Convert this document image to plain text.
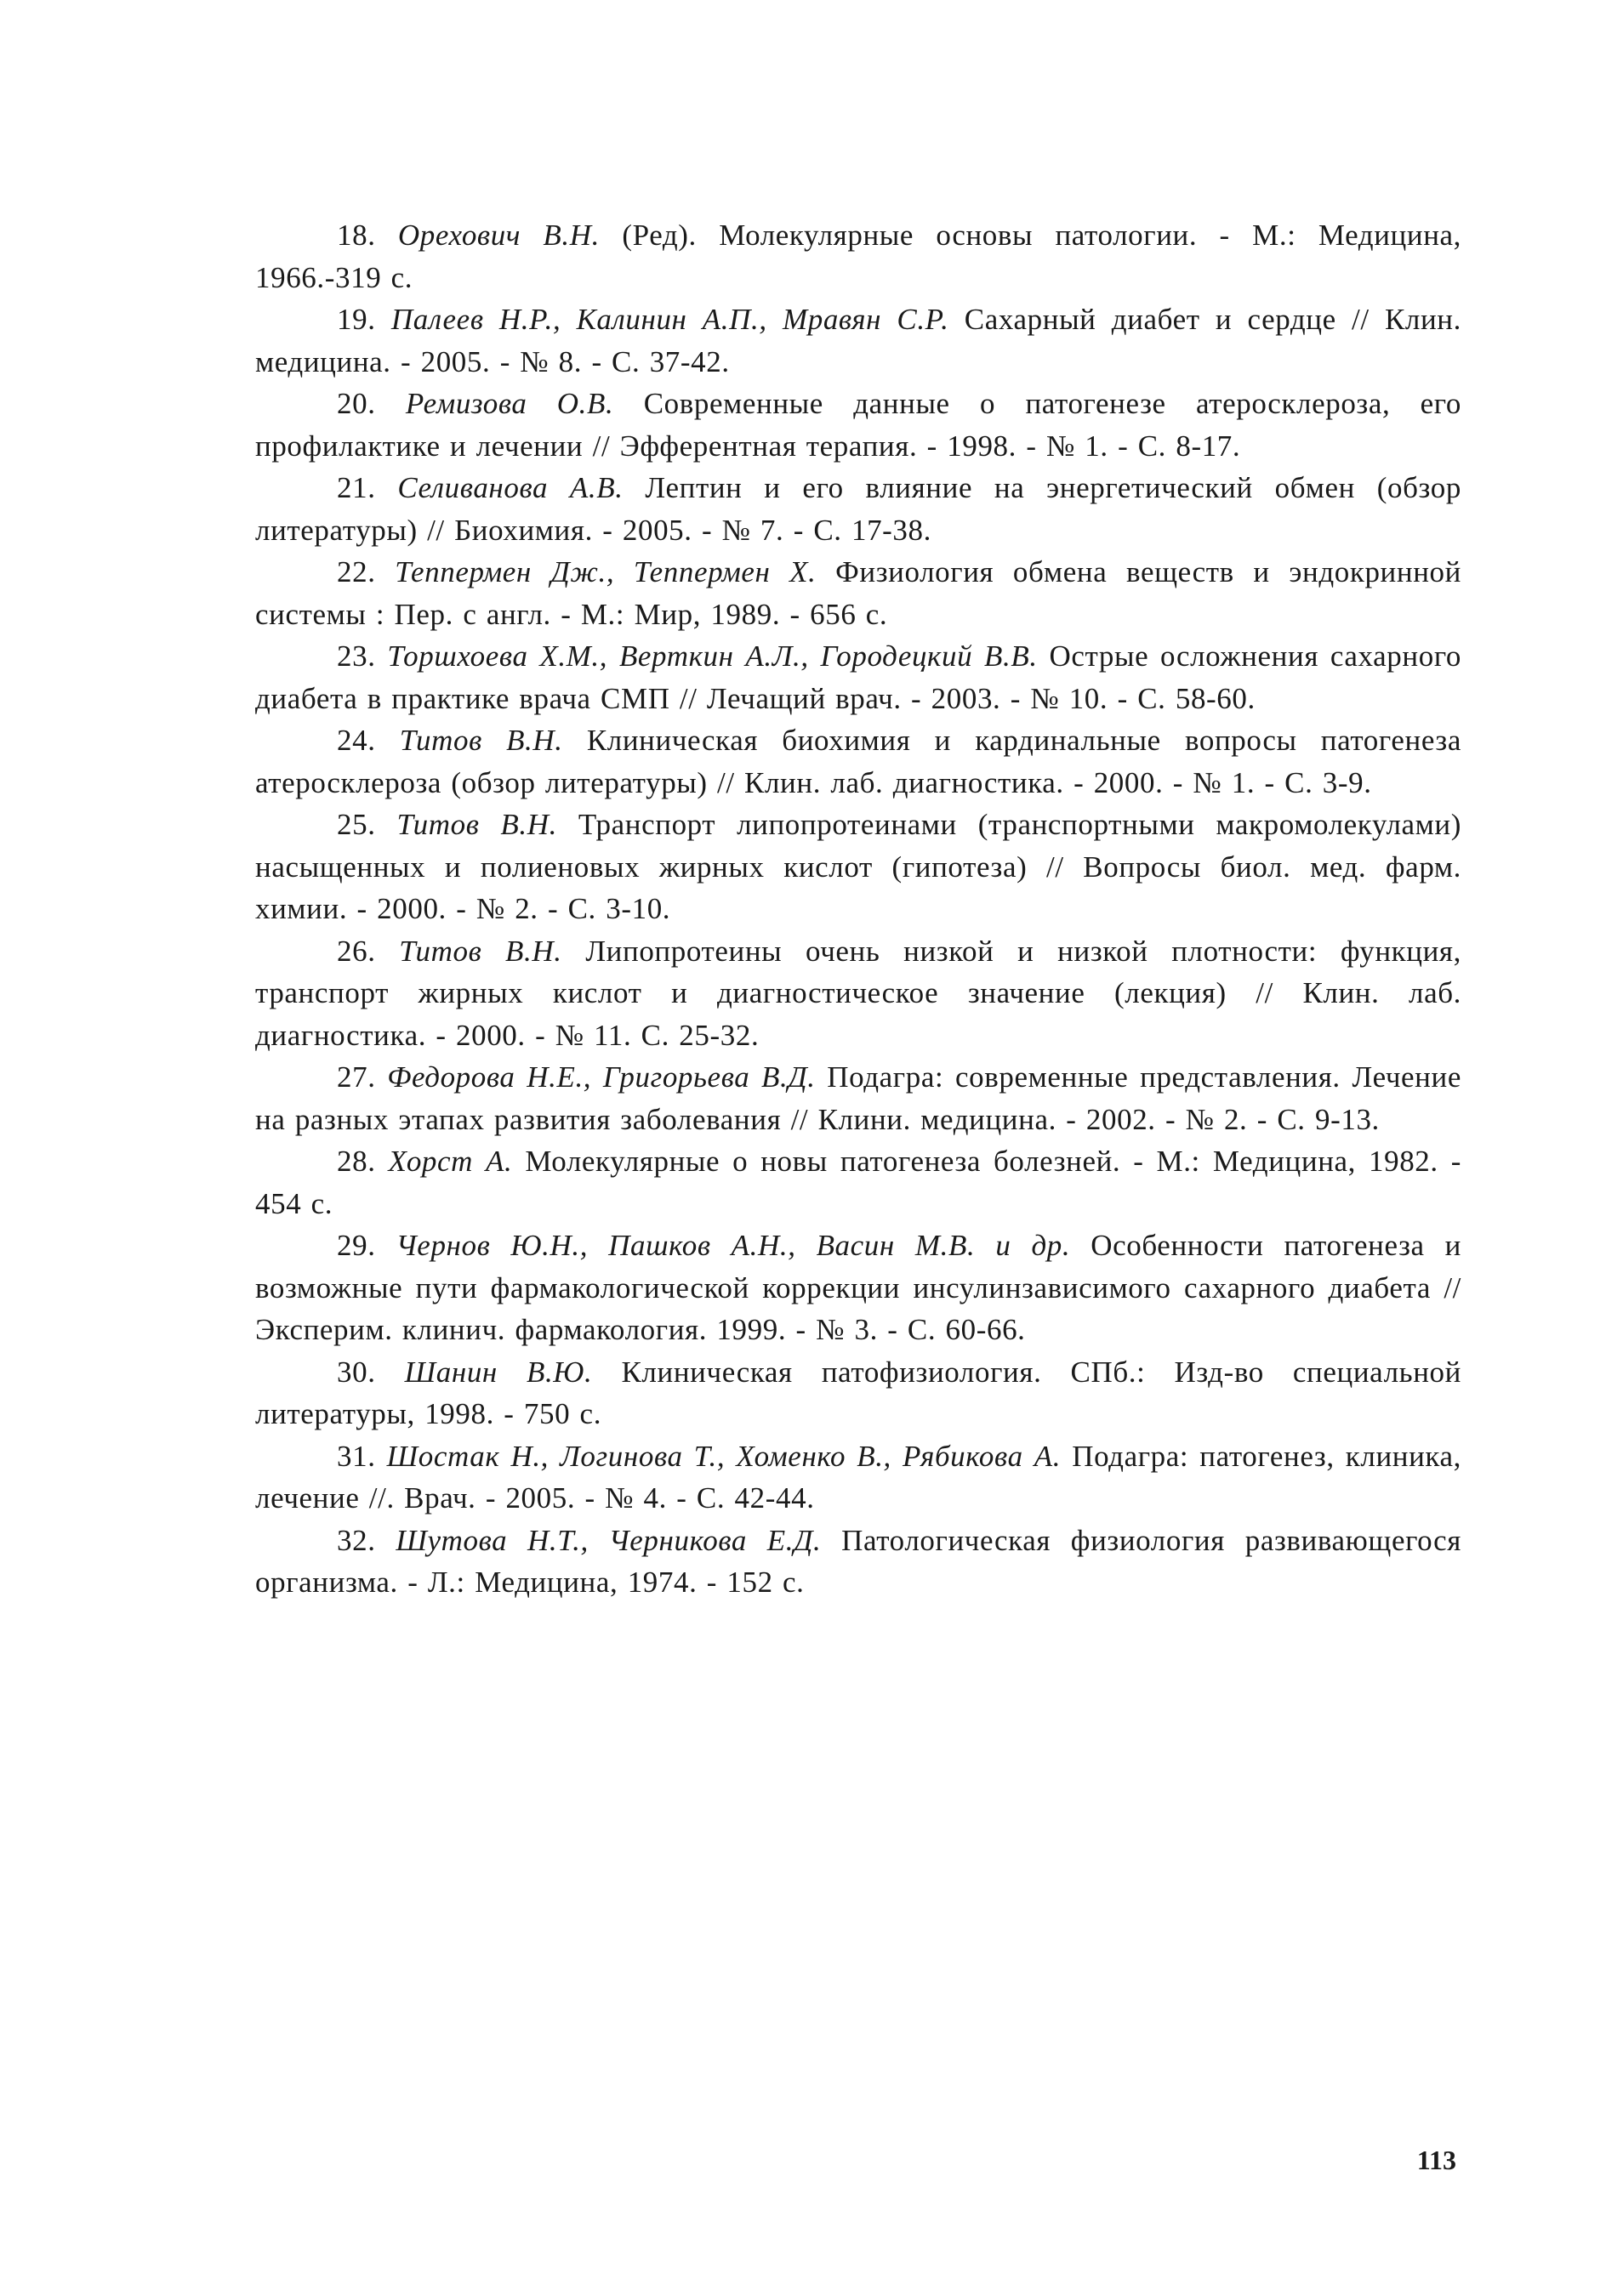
18. Орехович В.Н. (Ред). Молекулярные основы патологии. - М.: Медицина, 1966.-319 с.

19. Палеев Н.Р., Калинин А.П., Мравян С.Р. Сахарный диабет и сердце // Клин. медицина. - 2005. - № 8. - С. 37-42.

20. Ремизова О.В. Современные данные о патогенезе атеросклероза, его профилактике и лечении // Эфферентная терапия. - 1998. - № 1. - С. 8-17.

21. Селиванова А.В. Лептин и его влияние на энергетический обмен (обзор литературы) // Биохимия. - 2005. - № 7. - С. 17-38.

22. Теппермен Дж., Теппермен Х. Физиология обмена веществ и эндокринной системы : Пер. с англ. - М.: Мир, 1989. - 656 с.

23. Торшхоева Х.М., Верткин А.Л., Городецкий В.В. Острые осложнения сахарного диабета в практике врача СМП // Лечащий врач. - 2003. - № 10. - С. 58-60.

24. Титов В.Н. Клиническая биохимия и кардинальные вопросы патогенеза атеросклероза (обзор литературы) // Клин. лаб. диагностика. - 2000. - № 1. - С. 3-9.

25. Титов В.Н. Транспорт липопротеинами (транспортными макромолекулами) насыщенных и полиеновых жирных кислот (гипотеза) // Вопросы биол. мед. фарм. химии. - 2000. - № 2. - С. 3-10.

26. Титов В.Н. Липопротеины очень низкой и низкой плотности: функция, транспорт жирных кислот и диагностическое значение (лекция) // Клин. лаб. диагностика. - 2000. - № 11. С. 25-32.

27. Федорова Н.Е., Григорьева В.Д. Подагра: современные представления. Лечение на разных этапах развития заболевания // Клини. медицина. - 2002. - № 2. - С. 9-13.

28. Хорст А. Молекулярные о новы патогенеза болезней. - М.: Медицина, 1982. - 454 с.

29. Чернов Ю.Н., Пашков А.Н., Васин М.В. и др. Особенности патогенеза и возможные пути фармакологической коррекции инсулинзависимого сахарного диабета // Эксперим. клинич. фармакология. 1999. - № 3. - С. 60-66.

30. Шанин В.Ю. Клиническая патофизиология. СПб.: Изд-во специальной литературы, 1998. - 750 с.

31. Шостак Н., Логинова Т., Хоменко В., Рябикова А. Подагра: патогенез, клиника, лечение //. Врач. - 2005. - № 4. - С. 42-44.

32. Шутова Н.Т., Черникова Е.Д. Патологическая физиология развивающегося организма. - Л.: Медицина, 1974. - 152 с.

113
